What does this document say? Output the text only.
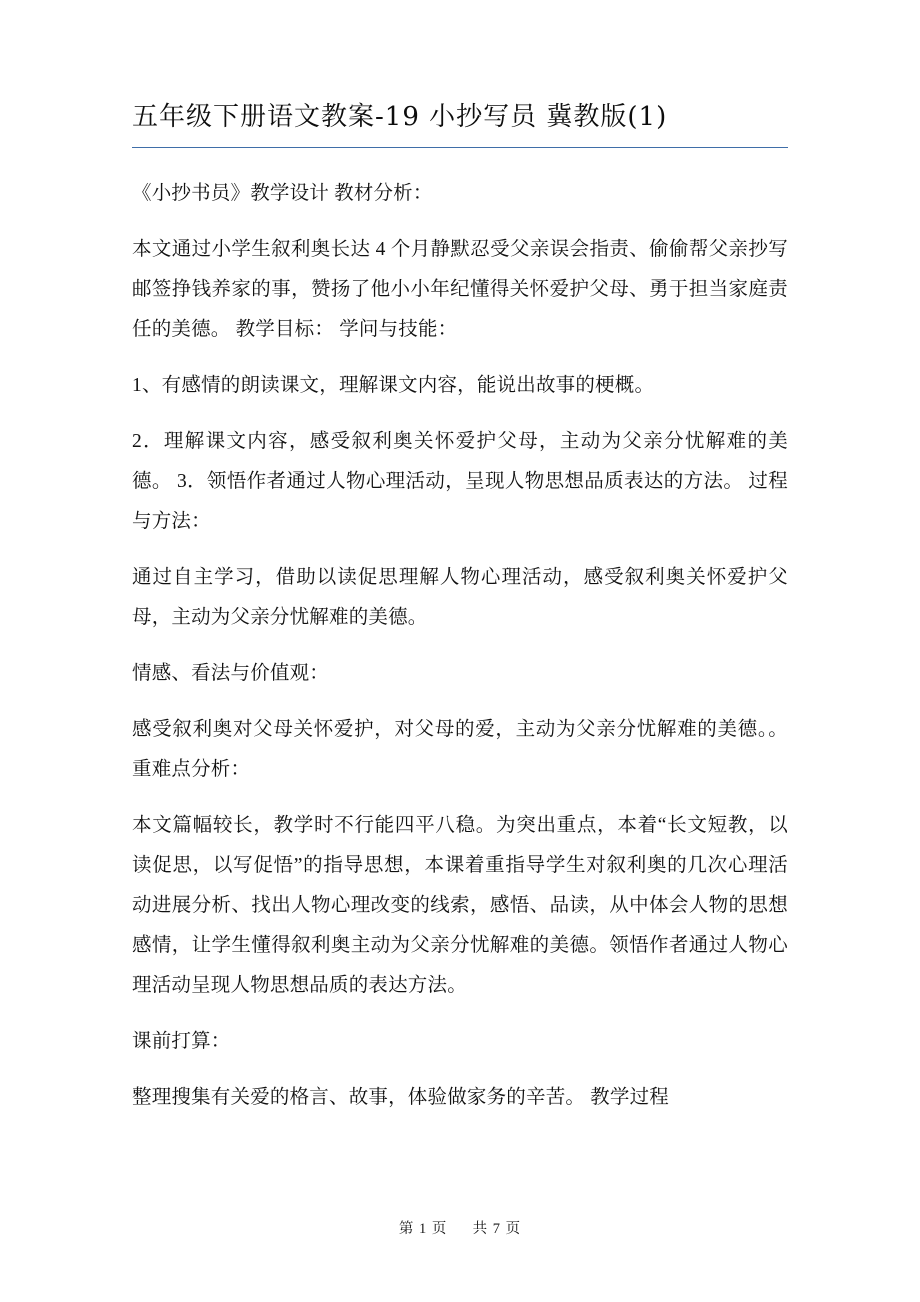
五年级下册语文教案-19 小抄写员 冀教版(1)

《小抄书员》教学设计 教材分析：

本文通过小学生叙利奥长达 4 个月静默忍受父亲误会指责、偷偷帮父亲抄写邮签挣钱养家的事，赞扬了他小小年纪懂得关怀爱护父母、勇于担当家庭责任的美德。 教学目标： 学问与技能：

1、有感情的朗读课文，理解课文内容，能说出故事的梗概。

2．理解课文内容，感受叙利奥关怀爱护父母，主动为父亲分忧解难的美德。 3．领悟作者通过人物心理活动，呈现人物思想品质表达的方法。 过程与方法：

通过自主学习，借助以读促思理解人物心理活动，感受叙利奥关怀爱护父母，主动为父亲分忧解难的美德。

情感、看法与价值观：

感受叙利奥对父母关怀爱护，对父母的爱，主动为父亲分忧解难的美德。。 重难点分析：

本文篇幅较长，教学时不行能四平八稳。为突出重点，本着“长文短教，以读促思，以写促悟”的指导思想，本课着重指导学生对叙利奥的几次心理活动进展分析、找出人物心理改变的线索，感悟、品读，从中体会人物的思想感情，让学生懂得叙利奥主动为父亲分忧解难的美德。领悟作者通过人物心理活动呈现人物思想品质的表达方法。

课前打算：

整理搜集有关爱的格言、故事，体验做家务的辛苦。 教学过程

第 1 页 共 7 页
